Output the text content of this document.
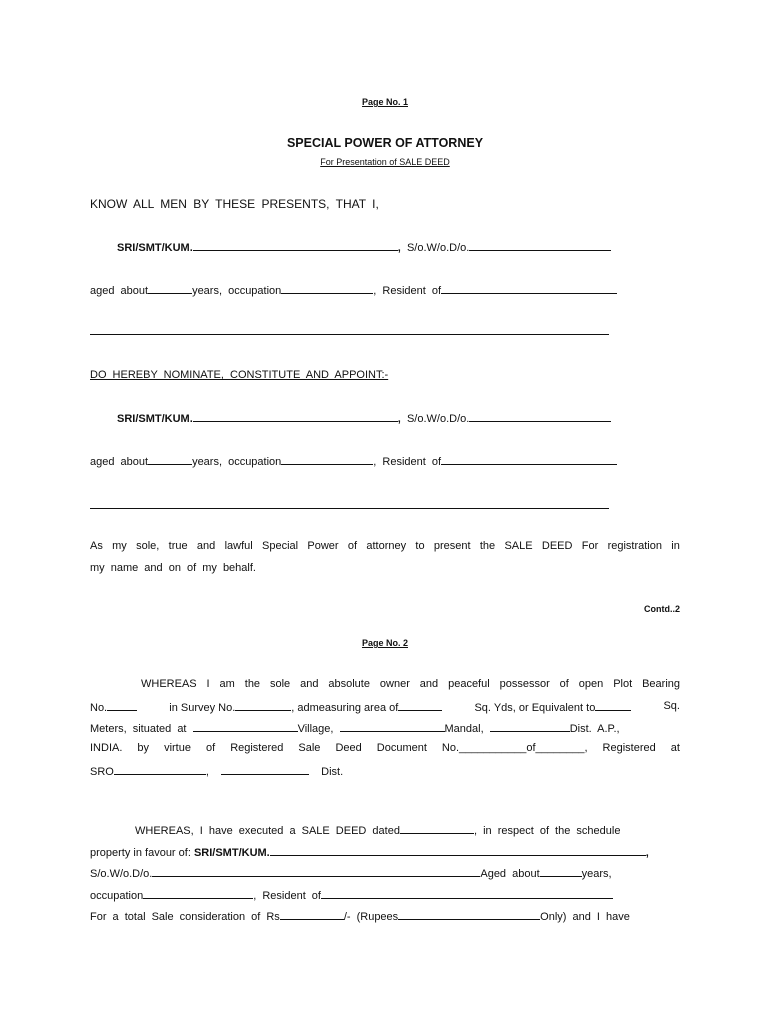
Page No. 1
SPECIAL POWER OF ATTORNEY
For Presentation of SALE DEED
KNOW ALL MEN BY THESE PRESENTS, THAT I,
SRI/SMT/KUM.	,  S/o.W/o.D/o.
aged about	years, occupation	, Resident of
DO HEREBY NOMINATE, CONSTITUTE AND APPOINT:-
SRI/SMT/KUM.	,  S/o.W/o.D/o.
aged about	years, occupation	, Resident of
As my sole, true and lawful Special Power of attorney to present the SALE DEED For registration in
my name and on of my behalf.
Contd..2
Page No. 2
WHEREAS I am the sole and absolute owner and peaceful possessor of open Plot Bearing
No.	in Survey No.	, admeasuring area of	Sq. Yds, or Equivalent to	Sq.
Meters, situated at	Village,	Mandal,	Dist. A.P.,
INDIA. by virtue of Registered Sale Deed Document No.___________of________, Registered at
SRO	,	Dist.
WHEREAS, I have executed a SALE DEED dated	, in respect of the schedule
property in favour of: SRI/SMT/KUM.	,
S/o.W/o.D/o.	Aged about	years,
occupation	, Resident of
For a total Sale consideration of Rs	/- (Rupees	Only) and I have
